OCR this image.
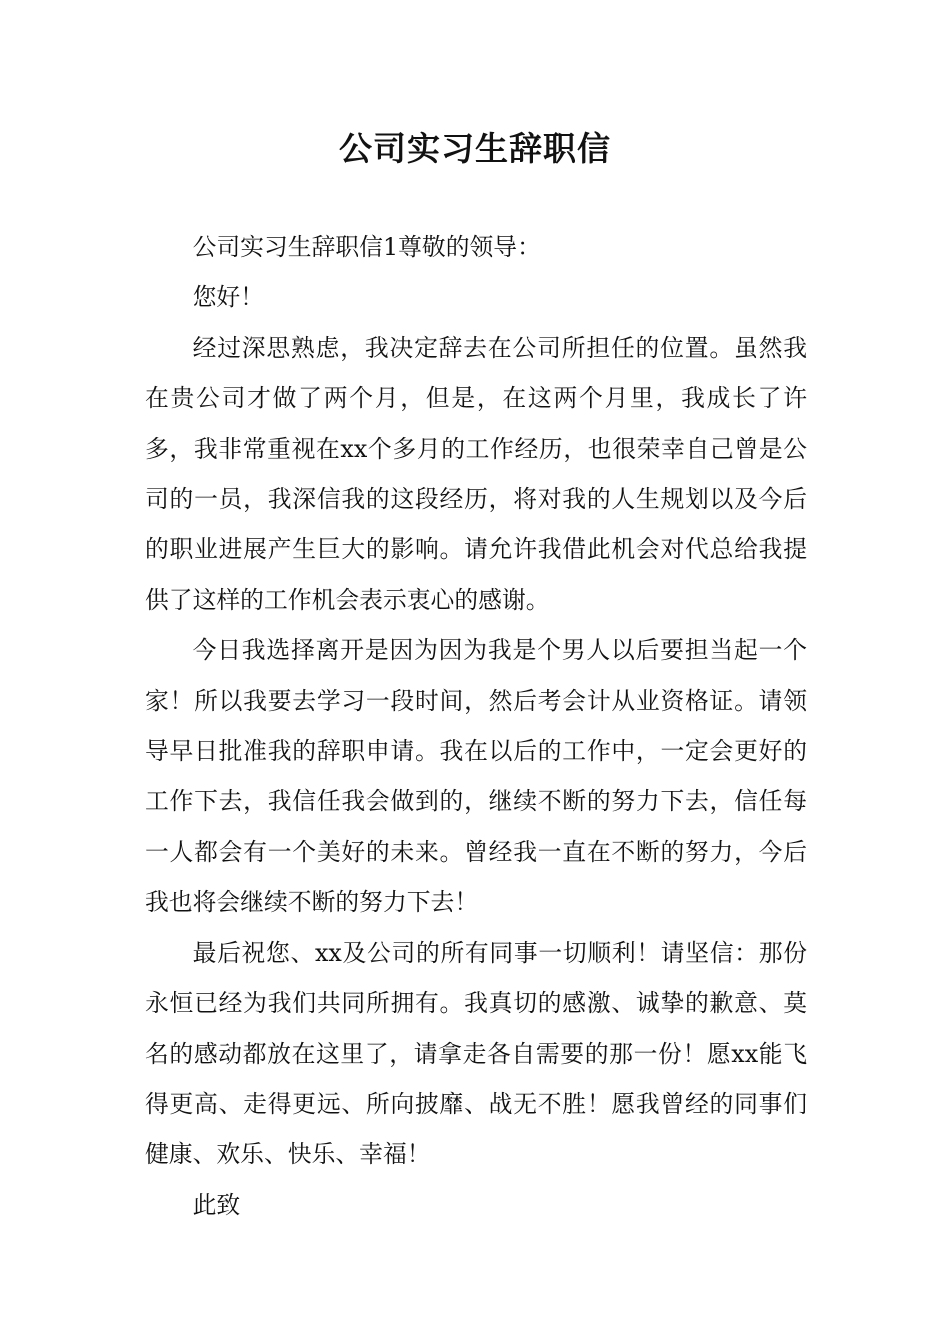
公司实习生辞职信

公司实习生辞职信1尊敬的领导：

您好！

经过深思熟虑，我决定辞去在公司所担任的位置。虽然我在贵公司才做了两个月，但是，在这两个月里，我成长了许多，我非常重视在xx个多月的工作经历，也很荣幸自己曾是公司的一员，我深信我的这段经历，将对我的人生规划以及今后的职业进展产生巨大的影响。请允许我借此机会对代总给我提供了这样的工作机会表示衷心的感谢。

今日我选择离开是因为因为我是个男人以后要担当起一个家！所以我要去学习一段时间，然后考会计从业资格证。请领导早日批准我的辞职申请。我在以后的工作中，一定会更好的工作下去，我信任我会做到的，继续不断的努力下去，信任每一人都会有一个美好的未来。曾经我一直在不断的努力，今后我也将会继续不断的努力下去！

最后祝您、xx及公司的所有同事一切顺利！请坚信：那份永恒已经为我们共同所拥有。我真切的感激、诚挚的歉意、莫名的感动都放在这里了，请拿走各自需要的那一份！愿xx能飞得更高、走得更远、所向披靡、战无不胜！愿我曾经的同事们健康、欢乐、快乐、幸福！

此致
